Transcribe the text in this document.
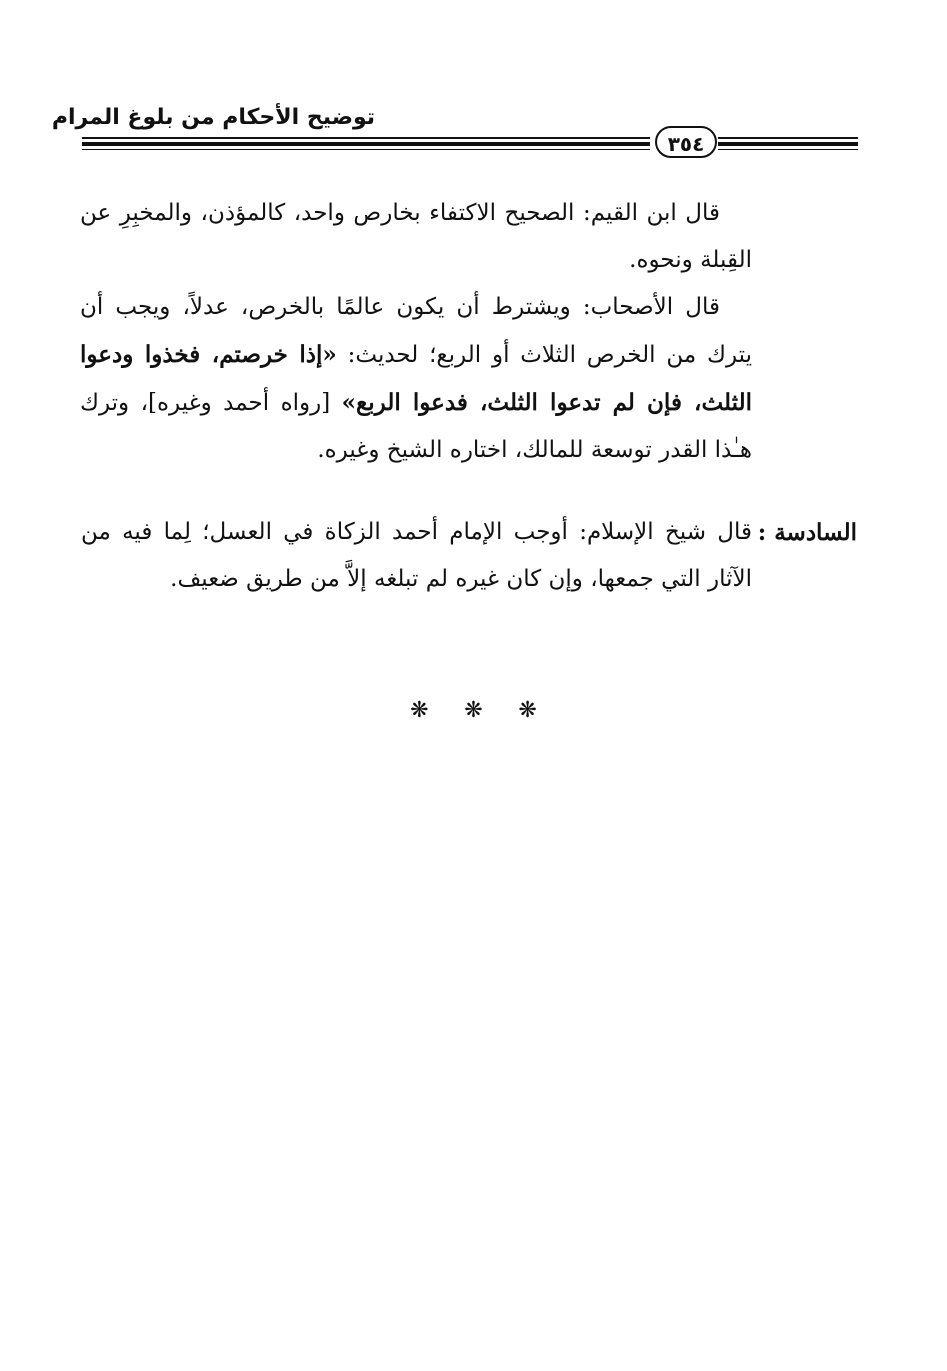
توضيح الأحكام من بلوغ المرام
٣٥٤

قال ابن القيم: الصحيح الاكتفاء بخارص واحد، كالمؤذن، والمخبِرِ عن القِبلة ونحوه.

قال الأصحاب: ويشترط أن يكون عالمًا بالخرص، عدلاً، ويجب أن يترك من الخرص الثلاث أو الربع؛ لحديث: «إذا خرصتم، فخذوا ودعوا الثلث، فإن لم تدعوا الثلث، فدعوا الربع» [رواه أحمد وغيره]، وترك هـٰذا القدر توسعة للمالك، اختاره الشيخ وغيره.

السادسة :

قال شيخ الإسلام: أوجب الإمام أحمد الزكاة في العسل؛ لِما فيه من الآثار التي جمعها، وإن كان غيره لم تبلغه إلاَّ من طريق ضعيف.

❋ ❋ ❋
